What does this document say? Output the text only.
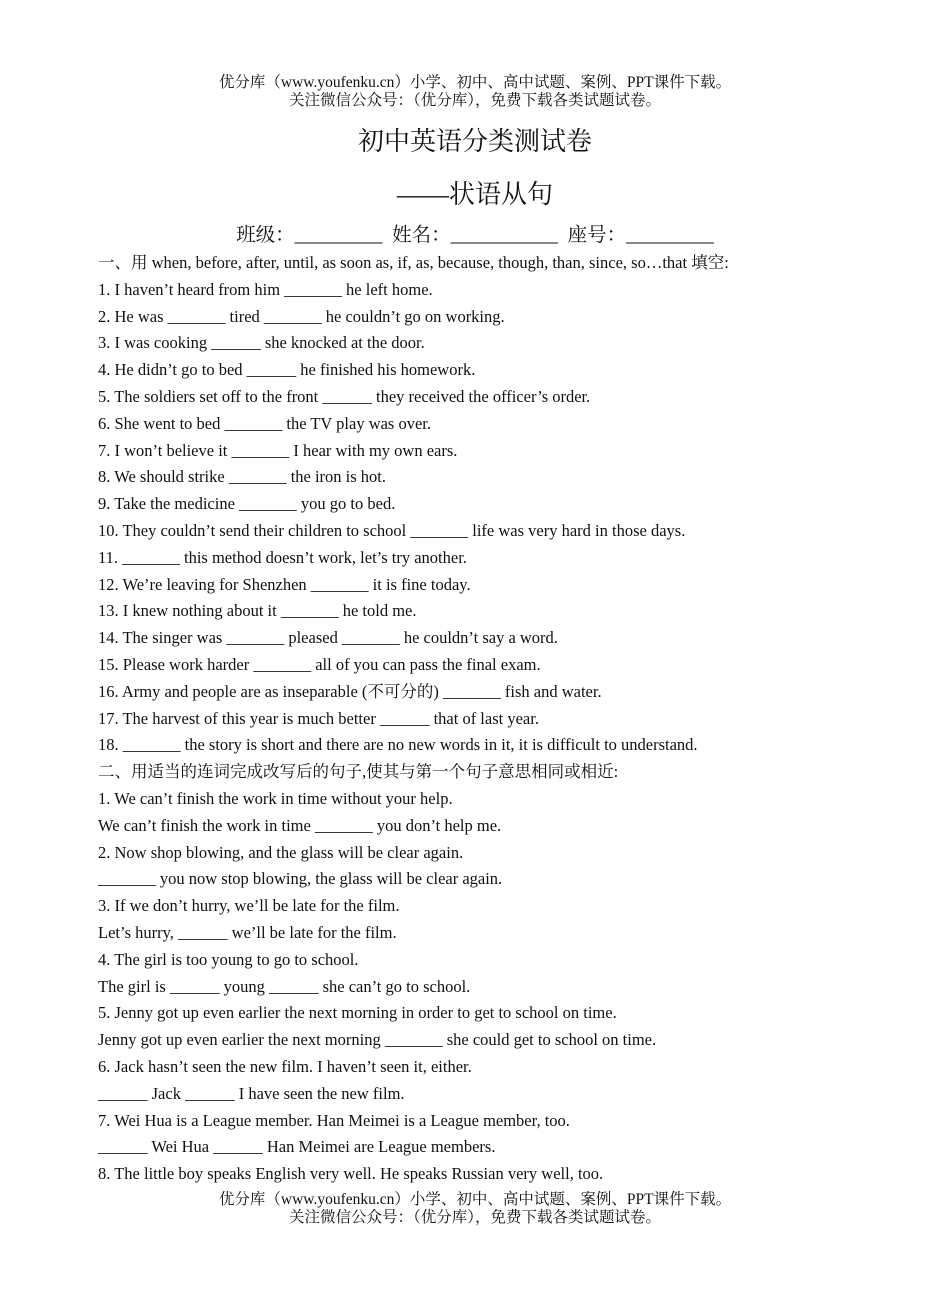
优分库（www.youfenku.cn）小学、初中、高中试题、案例、PPT课件下载。
关注微信公众号：（优分库），免费下载各类试题试卷。
初中英语分类测试卷
——状语从句
班级：_________  姓名：___________  座号：_________
一、用 when, before, after, until, as soon as, if, as, because, though, than, since, so…that 填空:
1. I haven’t heard from him _______ he left home.
2. He was _______ tired _______ he couldn’t go on working.
3. I was cooking ______ she knocked at the door.
4. He didn’t go to bed ______ he finished his homework.
5. The soldiers set off to the front ______ they received the officer’s order.
6. She went to bed _______ the TV play was over.
7. I won’t believe it _______ I hear with my own ears.
8. We should strike _______ the iron is hot.
9. Take the medicine _______ you go to bed.
10. They couldn’t send their children to school _______ life was very hard in those days.
11. _______ this method doesn’t work, let’s try another.
12. We’re leaving for Shenzhen _______ it is fine today.
13. I knew nothing about it _______ he told me.
14. The singer was _______ pleased _______ he couldn’t say a word.
15. Please work harder _______ all of you can pass the final exam.
16. Army and people are as inseparable (不可分的) _______ fish and water.
17. The harvest of this year is much better ______ that of last year.
18. _______ the story is short and there are no new words in it, it is difficult to understand.
二、用适当的连词完成改写后的句子,使其与第一个句子意思相同或相近:
1. We can’t finish the work in time without your help.
We can’t finish the work in time _______ you don’t help me.
2. Now shop blowing, and the glass will be clear again.
_______ you now stop blowing, the glass will be clear again.
3. If we don’t hurry, we’ll be late for the film.
Let’s hurry, ______ we’ll be late for the film.
4. The girl is too young to go to school.
The girl is ______ young ______ she can’t go to school.
5. Jenny got up even earlier the next morning in order to get to school on time.
Jenny got up even earlier the next morning _______ she could get to school on time.
6. Jack hasn’t seen the new film. I haven’t seen it, either.
______ Jack ______ I have seen the new film.
7. Wei Hua is a League member. Han Meimei is a League member, too.
______ Wei Hua ______ Han Meimei are League members.
8. The little boy speaks English very well. He speaks Russian very well, too.
优分库（www.youfenku.cn）小学、初中、高中试题、案例、PPT课件下载。
关注微信公众号：（优分库），免费下载各类试题试卷。
